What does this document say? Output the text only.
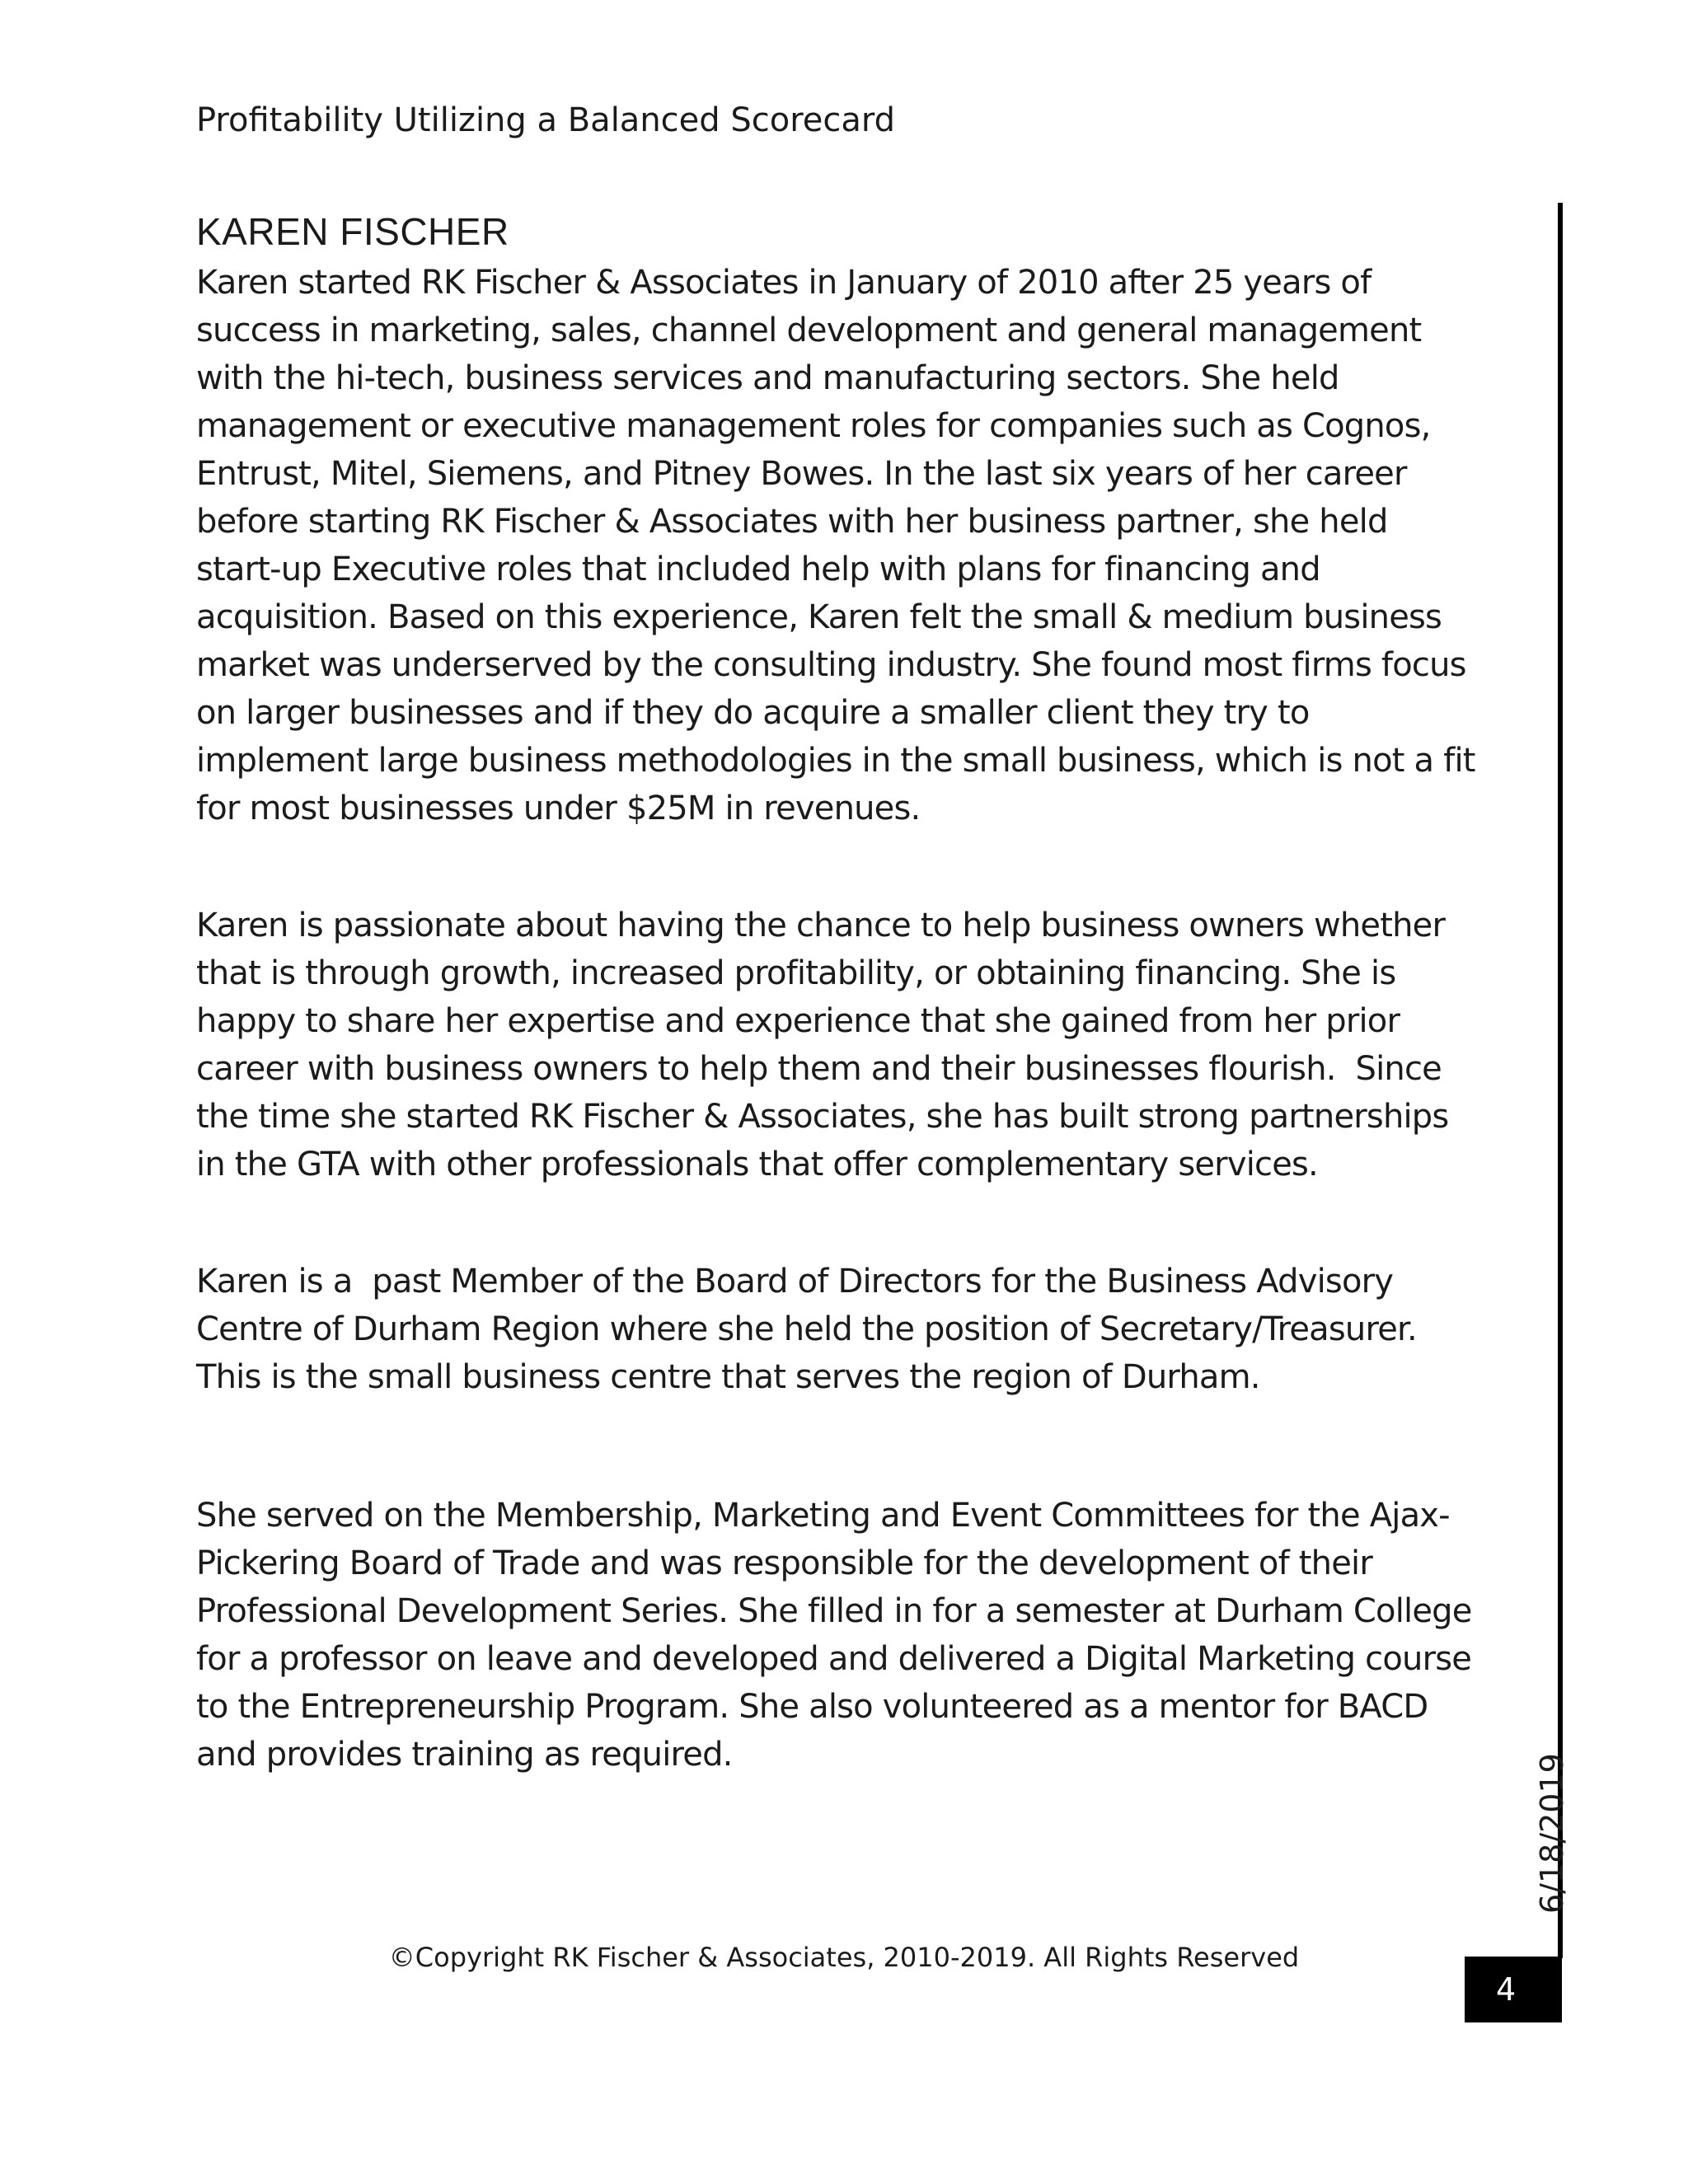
Profitability Utilizing a Balanced Scorecard
KAREN FISCHER

Karen started RK Fischer & Associates in January of 2010 after 25 years of success in marketing, sales, channel development and general management with the hi-tech, business services and manufacturing sectors. She held management or executive management roles for companies such as Cognos, Entrust, Mitel, Siemens, and Pitney Bowes. In the last six years of her career before starting RK Fischer & Associates with her business partner, she held start-up Executive roles that included help with plans for financing and acquisition. Based on this experience, Karen felt the small & medium business market was underserved by the consulting industry. She found most firms focus on larger businesses and if they do acquire a smaller client they try to implement large business methodologies in the small business, which is not a fit for most businesses under $25M in revenues.

Karen is passionate about having the chance to help business owners whether that is through growth, increased profitability, or obtaining financing. She is happy to share her expertise and experience that she gained from her prior career with business owners to help them and their businesses flourish.  Since the time she started RK Fischer & Associates, she has built strong partnerships in the GTA with other professionals that offer complementary services.

Karen is a  past Member of the Board of Directors for the Business Advisory Centre of Durham Region where she held the position of Secretary/Treasurer. This is the small business centre that serves the region of Durham.

She served on the Membership, Marketing and Event Committees for the Ajax-Pickering Board of Trade and was responsible for the development of their Professional Development Series. She filled in for a semester at Durham College for a professor on leave and developed and delivered a Digital Marketing course to the Entrepreneurship Program. She also volunteered as a mentor for BACD and provides training as required.	6/18/2019
©Copyright RK Fischer & Associates, 2010-2019. All Rights Reserved
4
